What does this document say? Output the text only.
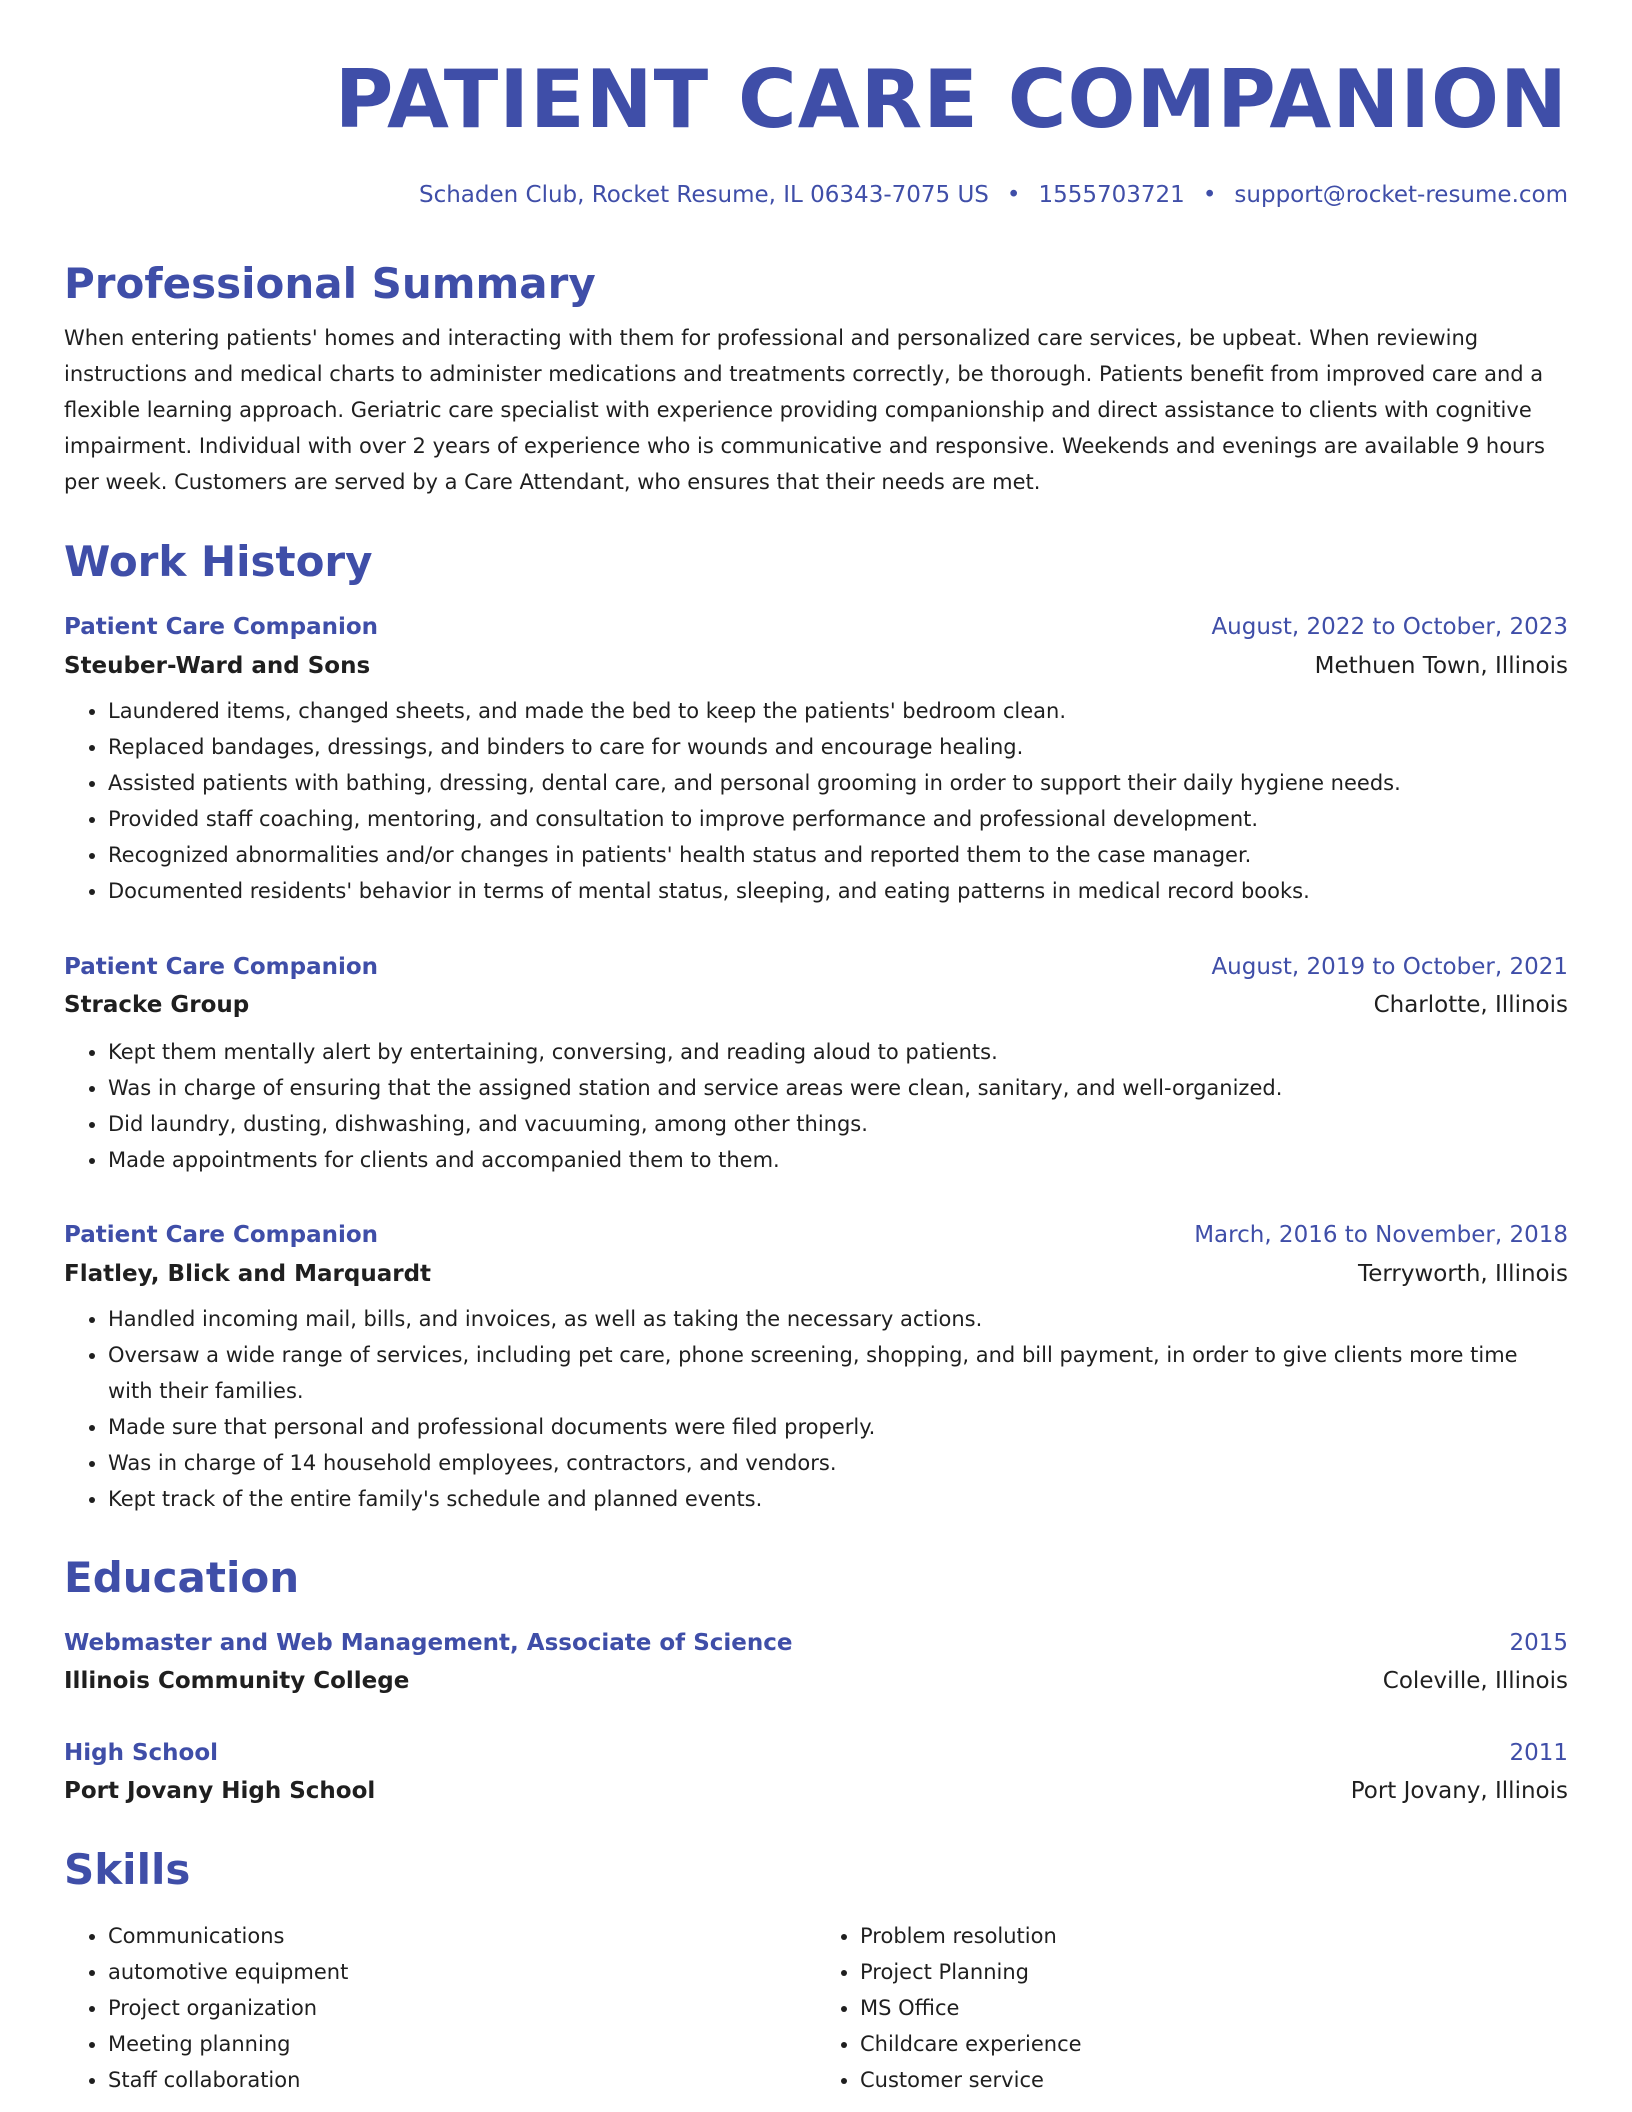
PATIENT CARE COMPANION
Schaden Club, Rocket Resume, IL 06343-7075 US • 1555703721 • support@rocket-resume.com
Professional Summary

When entering patients' homes and interacting with them for professional and personalized care services, be upbeat. When reviewing instructions and medical charts to administer medications and treatments correctly, be thorough. Patients benefit from improved care and a flexible learning approach. Geriatric care specialist with experience providing companionship and direct assistance to clients with cognitive impairment. Individual with over 2 years of experience who is communicative and responsive. Weekends and evenings are available 9 hours per week. Customers are served by a Care Attendant, who ensures that their needs are met.

Work History
Patient Care Companion	August, 2022 to October, 2023
Steuber-Ward and Sons	Methuen Town, Illinois
• Laundered items, changed sheets, and made the bed to keep the patients' bedroom clean.
• Replaced bandages, dressings, and binders to care for wounds and encourage healing.
• Assisted patients with bathing, dressing, dental care, and personal grooming in order to support their daily hygiene needs.
• Provided staff coaching, mentoring, and consultation to improve performance and professional development.
• Recognized abnormalities and/or changes in patients' health status and reported them to the case manager.
• Documented residents' behavior in terms of mental status, sleeping, and eating patterns in medical record books.
Patient Care Companion	August, 2019 to October, 2021
Stracke Group	Charlotte, Illinois
• Kept them mentally alert by entertaining, conversing, and reading aloud to patients.
• Was in charge of ensuring that the assigned station and service areas were clean, sanitary, and well-organized.
• Did laundry, dusting, dishwashing, and vacuuming, among other things.
• Made appointments for clients and accompanied them to them.
Patient Care Companion	March, 2016 to November, 2018
Flatley, Blick and Marquardt	Terryworth, Illinois
• Handled incoming mail, bills, and invoices, as well as taking the necessary actions.
• Oversaw a wide range of services, including pet care, phone screening, shopping, and bill payment, in order to give clients more time with their families.
• Made sure that personal and professional documents were filed properly.
• Was in charge of 14 household employees, contractors, and vendors.
• Kept track of the entire family's schedule and planned events.
Education
Webmaster and Web Management, Associate of Science	2015
Illinois Community College	Coleville, Illinois
High School	2011
Port Jovany High School	Port Jovany, Illinois
Skills
• Communications
• automotive equipment
• Project organization
• Meeting planning
• Staff collaboration
• Problem resolution
• Project Planning
• MS Office
• Childcare experience
• Customer service
